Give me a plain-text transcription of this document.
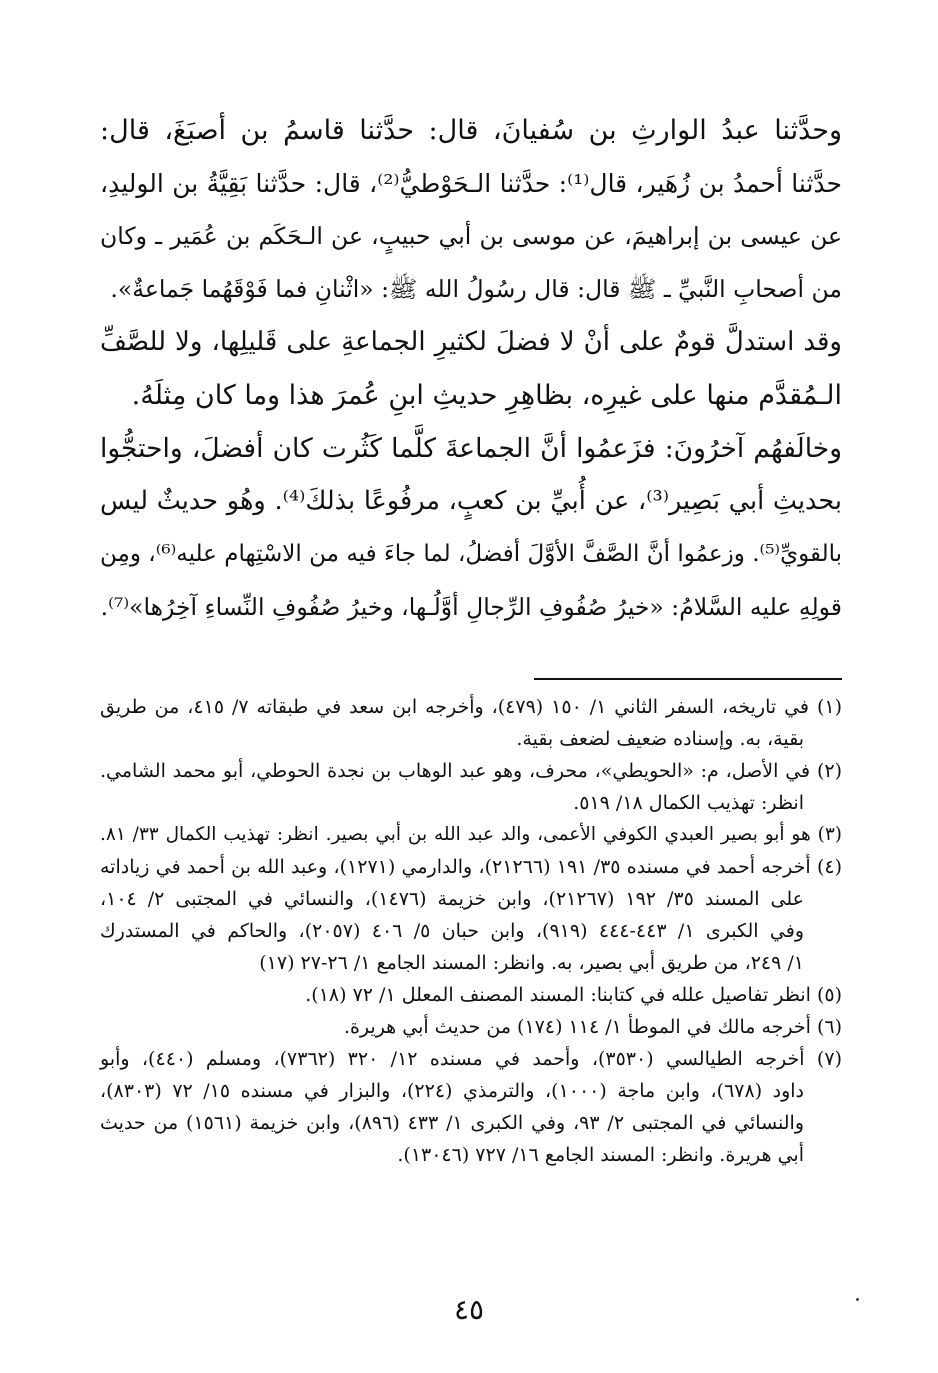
وحدَّثنا عبدُ الوارثِ بن سُفيانَ، قال: حدَّثنا قاسمُ بن أصبَغَ، قال:
حدَّثنا أحمدُ بن زُهَير، قال⁽¹⁾: حدَّثنا الـحَوْطيُّ⁽²⁾، قال: حدَّثنا بَقِيَّةُ بن الوليدِ،
عن عيسى بن إبراهيمَ، عن موسى بن أبي حبيبٍ، عن الـحَكَم بن عُمَير ـ وكان
من أصحابِ النَّبيِّ ـ ﷺ قال: قال رسُولُ الله ﷺ: «اثْنانِ فما فَوْقَهُما جَماعةٌ».
وقد استدلَّ قومٌ على أنْ لا فضلَ لكثيرِ الجماعةِ على قَليلِها، ولا للصَّفِّ
الـمُقدَّم منها على غيرِه، بظاهِرِ حديثِ ابنِ عُمرَ هذا وما كان مِثلَهُ.
وخالَفهُم آخرُونَ: فزَعمُوا أنَّ الجماعةَ كلَّما كَثُرت كان أفضلَ، واحتجُّوا
بحديثِ أبي بَصِير⁽³⁾، عن أُبيِّ بن كعبٍ، مرفُوعًا بذلكَ⁽⁴⁾. وهُو حديثٌ ليس
بالقويِّ⁽⁵⁾. وزعمُوا أنَّ الصَّفَّ الأوَّلَ أفضلُ، لما جاءَ فيه من الاسْتِهام عليه⁽⁶⁾، ومِن
قولِهِ عليه السَّلامُ: «خيرُ صُفُوفِ الرِّجالِ أوَّلُـها، وخيرُ صُفُوفِ النِّساءِ آخِرُها»⁽⁷⁾.
(١) في تاريخه، السفر الثاني ١/ ١٥٠ (٤٧٩)، وأخرجه ابن سعد في طبقاته ٧/ ٤١٥، من طريق
بقية، به. وإسناده ضعيف لضعف بقية.
(٢) في الأصل، م: «الحويطي»، محرف، وهو عبد الوهاب بن نجدة الحوطي، أبو محمد الشامي.
انظر: تهذيب الكمال ١٨/ ٥١٩.
(٣) هو أبو بصير العبدي الكوفي الأعمى، والد عبد الله بن أبي بصير. انظر: تهذيب الكمال ٣٣/ ٨١.
(٤) أخرجه أحمد في مسنده ٣٥/ ١٩١ (٢١٢٦٦)، والدارمي (١٢٧١)، وعبد الله بن أحمد في زياداته
على المسند ٣٥/ ١٩٢ (٢١٢٦٧)، وابن خزيمة (١٤٧٦)، والنسائي في المجتبى ٢/ ١٠٤،
وفي الكبرى ١/ ٤٤٣-٤٤٤ (٩١٩)، وابن حبان ٥/ ٤٠٦ (٢٠٥٧)، والحاكم في المستدرك
١/ ٢٤٩، من طريق أبي بصير، به. وانظر: المسند الجامع ١/ ٢٦-٢٧ (١٧)
(٥) انظر تفاصيل علله في كتابنا: المسند المصنف المعلل ١/ ٧٢ (١٨).
(٦) أخرجه مالك في الموطأ ١/ ١١٤ (١٧٤) من حديث أبي هريرة.
(٧) أخرجه الطيالسي (٣٥٣٠)، وأحمد في مسنده ١٢/ ٣٢٠ (٧٣٦٢)، ومسلم (٤٤٠)، وأبو
داود (٦٧٨)، وابن ماجة (١٠٠٠)، والترمذي (٢٢٤)، والبزار في مسنده ١٥/ ٧٢ (٨٣٠٣)،
والنسائي في المجتبى ٢/ ٩٣، وفي الكبرى ١/ ٤٣٣ (٨٩٦)، وابن خزيمة (١٥٦١) من حديث
أبي هريرة. وانظر: المسند الجامع ١٦/ ٧٢٧ (١٣٠٤٦).
٤٥
